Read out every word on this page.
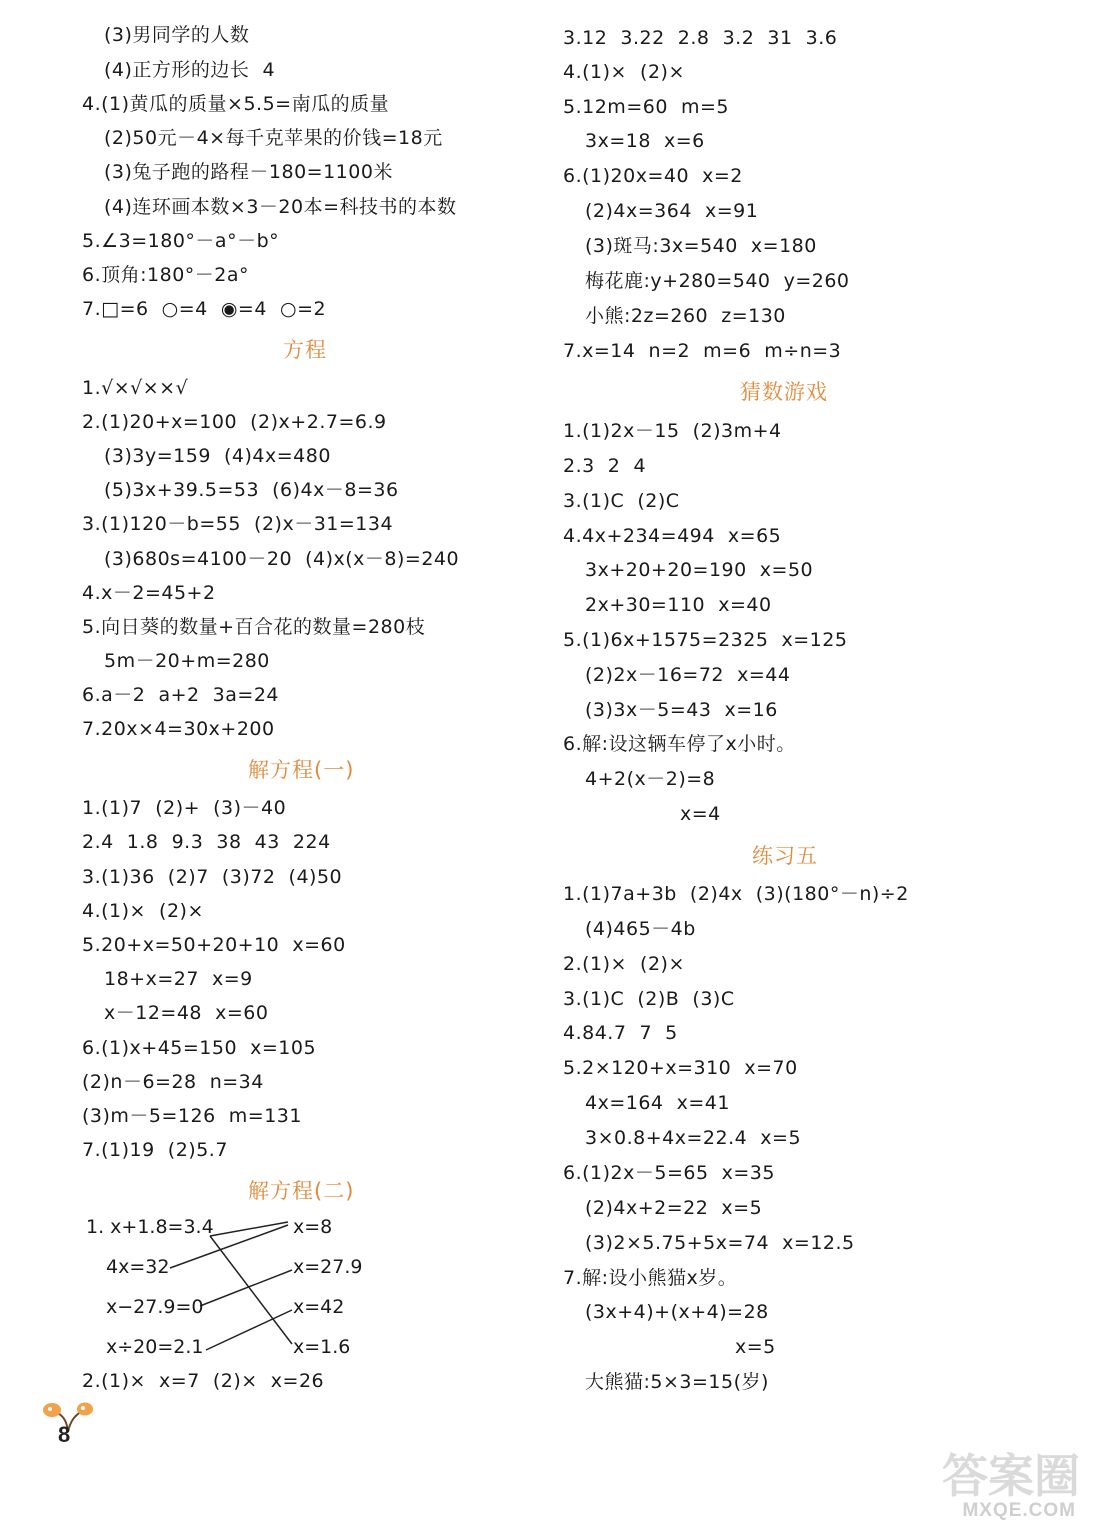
(3)男同学的人数
(4)正方形的边长  4
4.(1)黄瓜的质量×5.5=南瓜的质量
(2)50元－4×每千克苹果的价钱=18元
(3)兔子跑的路程－180=1100米
(4)连环画本数×3－20本=科技书的本数
5.∠3=180°－a°－b°
6.顶角:180°－2a°
7.□=6  ○=4  ◉=4  ○=2
方程
1.√×√××√
2.(1)20+x=100  (2)x+2.7=6.9
(3)3y=159  (4)4x=480
(5)3x+39.5=53  (6)4x－8=36
3.(1)120－b=55  (2)x－31=134
(3)680s=4100－20  (4)x(x－8)=240
4.x－2=45+2
5.向日葵的数量+百合花的数量=280枝
5m－20+m=280
6.a－2  a+2  3a=24
7.20x×4=30x+200
解方程(一)
1.(1)7  (2)+  (3)－40
2.4  1.8  9.3  38  43  224
3.(1)36  (2)7  (3)72  (4)50
4.(1)×  (2)×
5.20+x=50+20+10  x=60
18+x=27  x=9
x－12=48  x=60
6.(1)x+45=150  x=105
(2)n－6=28  n=34
(3)m－5=126  m=131
7.(1)19  (2)5.7
解方程(二)
1. x+1.8=3.4
4x=32
x−27.9=0
x÷20=2.1
x=8
x=27.9
x=42
x=1.6
2.(1)×  x=7  (2)×  x=26
3.12  3.22  2.8  3.2  31  3.6
4.(1)×  (2)×
5.12m=60  m=5
3x=18  x=6
6.(1)20x=40  x=2
(2)4x=364  x=91
(3)斑马:3x=540  x=180
梅花鹿:y+280=540  y=260
小熊:2z=260  z=130
7.x=14  n=2  m=6  m÷n=3
猜数游戏
1.(1)2x－15  (2)3m+4
2.3  2  4
3.(1)C  (2)C
4.4x+234=494  x=65
3x+20+20=190  x=50
2x+30=110  x=40
5.(1)6x+1575=2325  x=125
(2)2x－16=72  x=44
(3)3x－5=43  x=16
6.解:设这辆车停了x小时。
4+2(x－2)=8
x=4
练习五
1.(1)7a+3b  (2)4x  (3)(180°－n)÷2
(4)465－4b
2.(1)×  (2)×
3.(1)C  (2)B  (3)C
4.84.7  7  5
5.2×120+x=310  x=70
4x=164  x=41
3×0.8+4x=22.4  x=5
6.(1)2x－5=65  x=35
(2)4x+2=22  x=5
(3)2×5.75+5x=74  x=12.5
7.解:设小熊猫x岁。
(3x+4)+(x+4)=28
x=5
大熊猫:5×3=15(岁)
8
答案圈
MXQE.COM
